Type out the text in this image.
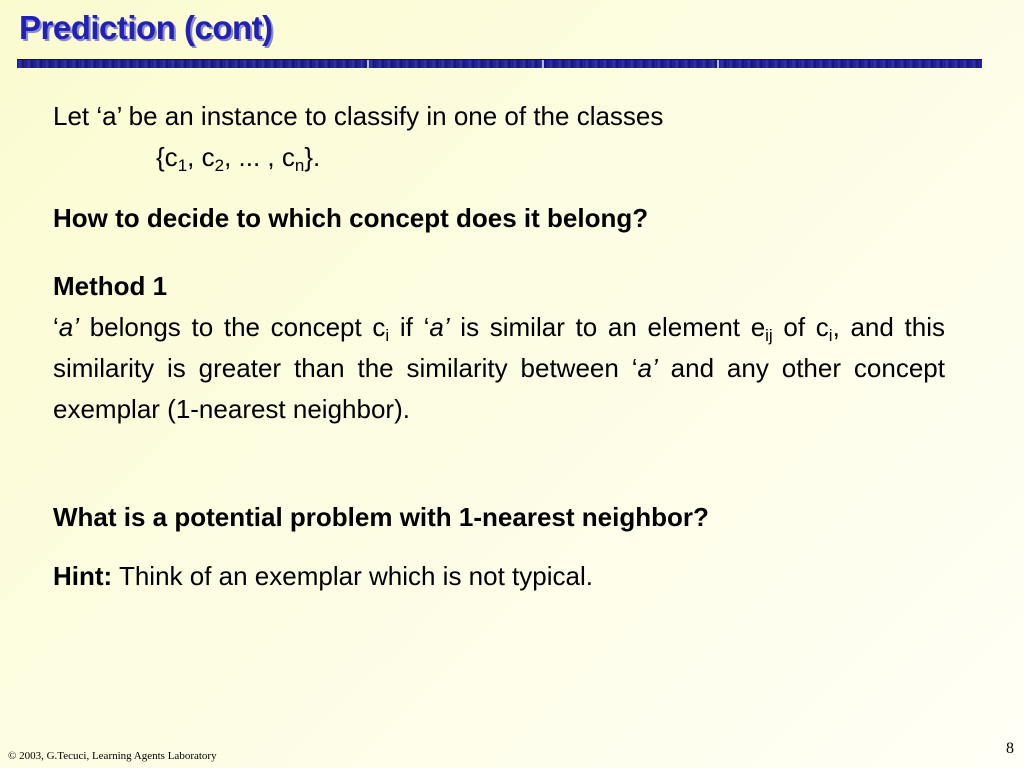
Prediction (cont)
Let ‘a’ be an instance to classify in one of the classes
{$c_1$, $c_2$, ... , $c_n$}.
How to decide to which concept does it belong?
Method 1
‘a’ belongs to the concept $c_i$ if ‘a’ is similar to an element $e_{ij}$ of $c_i$, and this similarity is greater than the similarity between ‘a’ and any other concept exemplar (1-nearest neighbor).
What is a potential problem with 1-nearest neighbor?
Hint: Think of an exemplar which is not typical.
© 2003, G.Tecuci, Learning Agents Laboratory	8
